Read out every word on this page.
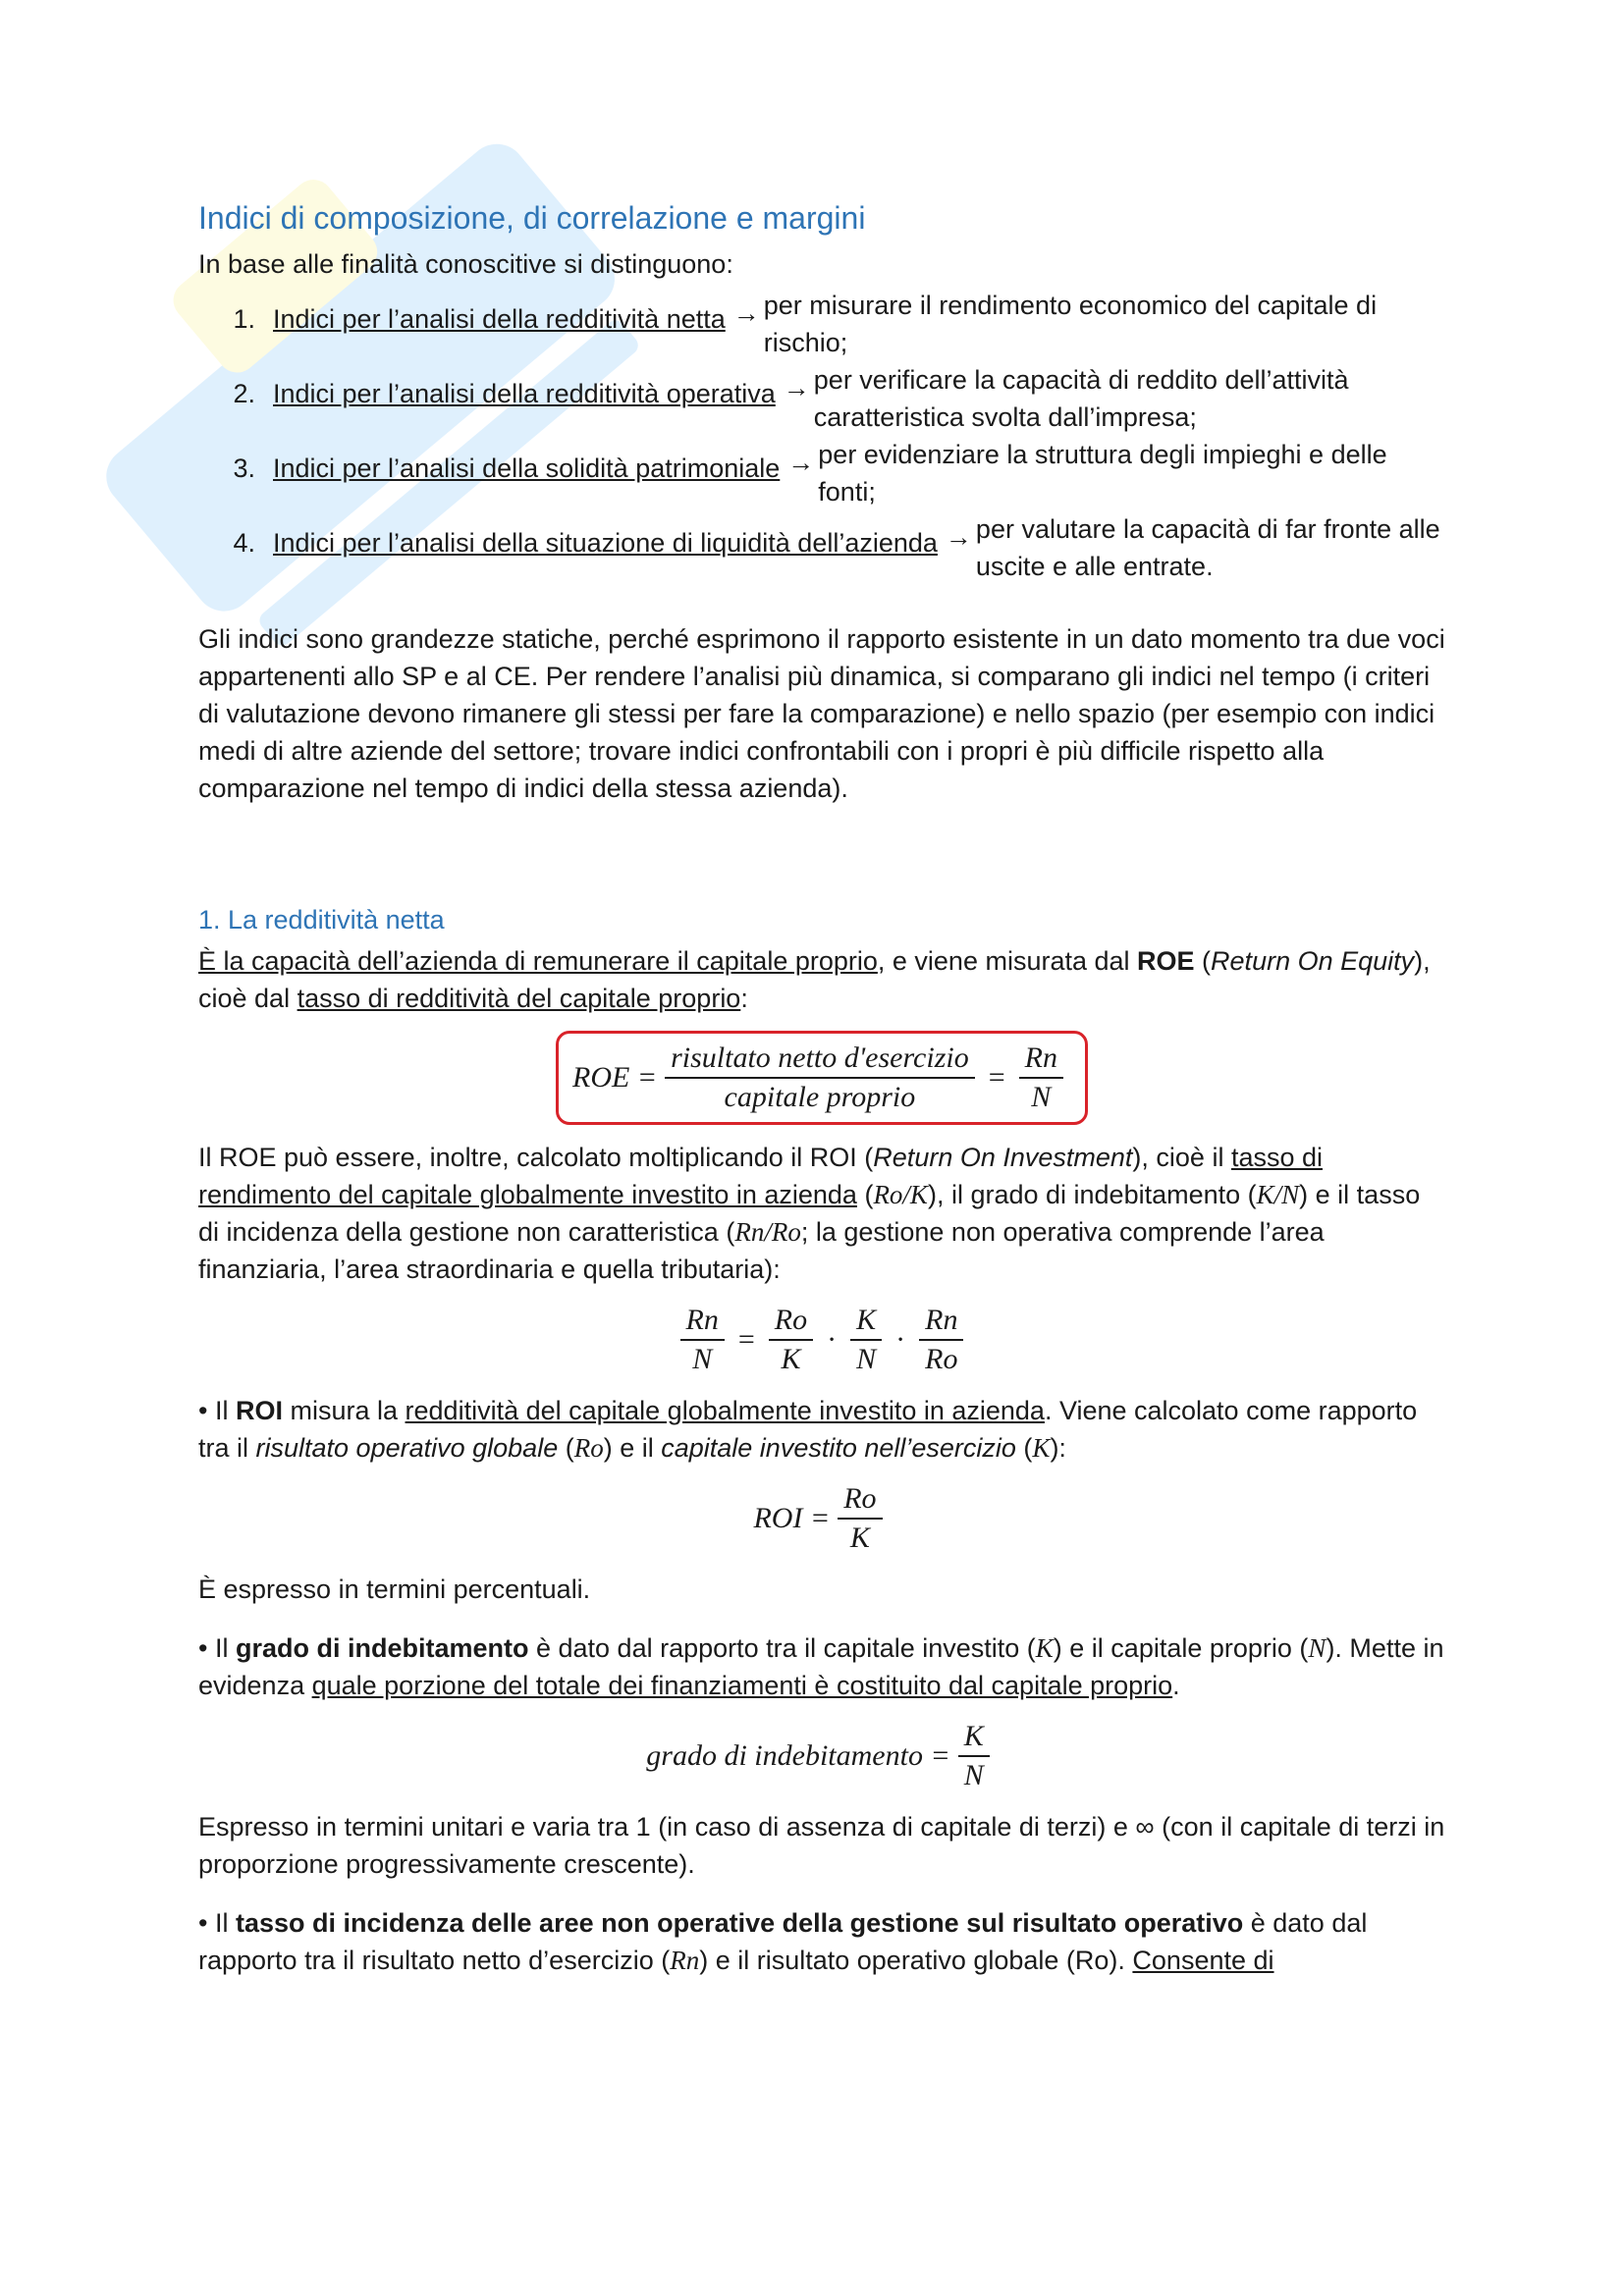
Indici di composizione, di correlazione e margini

In base alle finalità conoscitive si distinguono:

1. Indici per l’analisi della redditività netta → per misurare il rendimento economico del capitale di rischio;
2. Indici per l’analisi della redditività operativa → per verificare la capacità di reddito dell’attività caratteristica svolta dall’impresa;
3. Indici per l’analisi della solidità patrimoniale → per evidenziare la struttura degli impieghi e delle fonti;
4. Indici per l’analisi della situazione di liquidità dell’azienda → per valutare la capacità di far fronte alle uscite e alle entrate.

Gli indici sono grandezze statiche, perché esprimono il rapporto esistente in un dato momento tra due voci appartenenti allo SP e al CE. Per rendere l’analisi più dinamica, si comparano gli indici nel tempo (i criteri di valutazione devono rimanere gli stessi per fare la comparazione) e nello spazio (per esempio con indici medi di altre aziende del settore; trovare indici confrontabili con i propri è più difficile rispetto alla comparazione nel tempo di indici della stessa azienda).

1. La redditività netta

È la capacità dell’azienda di remunerare il capitale proprio, e viene misurata dal ROE (Return On Equity), cioè dal tasso di redditività del capitale proprio:

ROE = $\frac{\text{risultato netto d'esercizio}}{\text{capitale proprio}} = \frac{Rn}{N}$

Il ROE può essere, inoltre, calcolato moltiplicando il ROI (Return On Investment), cioè il tasso di rendimento del capitale globalmente investito in azienda (Ro/K), il grado di indebitamento (K/N) e il tasso di incidenza della gestione non caratteristica (Rn/Ro; la gestione non operativa comprende l’area finanziaria, l’area straordinaria e quella tributaria):

$\frac{Rn}{N} = \frac{Ro}{K} \cdot \frac{K}{N} \cdot \frac{Rn}{Ro}$

• Il ROI misura la redditività del capitale globalmente investito in azienda. Viene calcolato come rapporto tra il risultato operativo globale (Ro) e il capitale investito nell’esercizio (K):

ROI = $\frac{Ro}{K}$

È espresso in termini percentuali.

• Il grado di indebitamento è dato dal rapporto tra il capitale investito (K) e il capitale proprio (N). Mette in evidenza quale porzione del totale dei finanziamenti è costituito dal capitale proprio.

grado di indebitamento = $\frac{K}{N}$

Espresso in termini unitari e varia tra 1 (in caso di assenza di capitale di terzi) e ∞ (con il capitale di terzi in proporzione progressivamente crescente).

• Il tasso di incidenza delle aree non operative della gestione sul risultato operativo è dato dal rapporto tra il risultato netto d’esercizio (Rn) e il risultato operativo globale (Ro). Consente di
